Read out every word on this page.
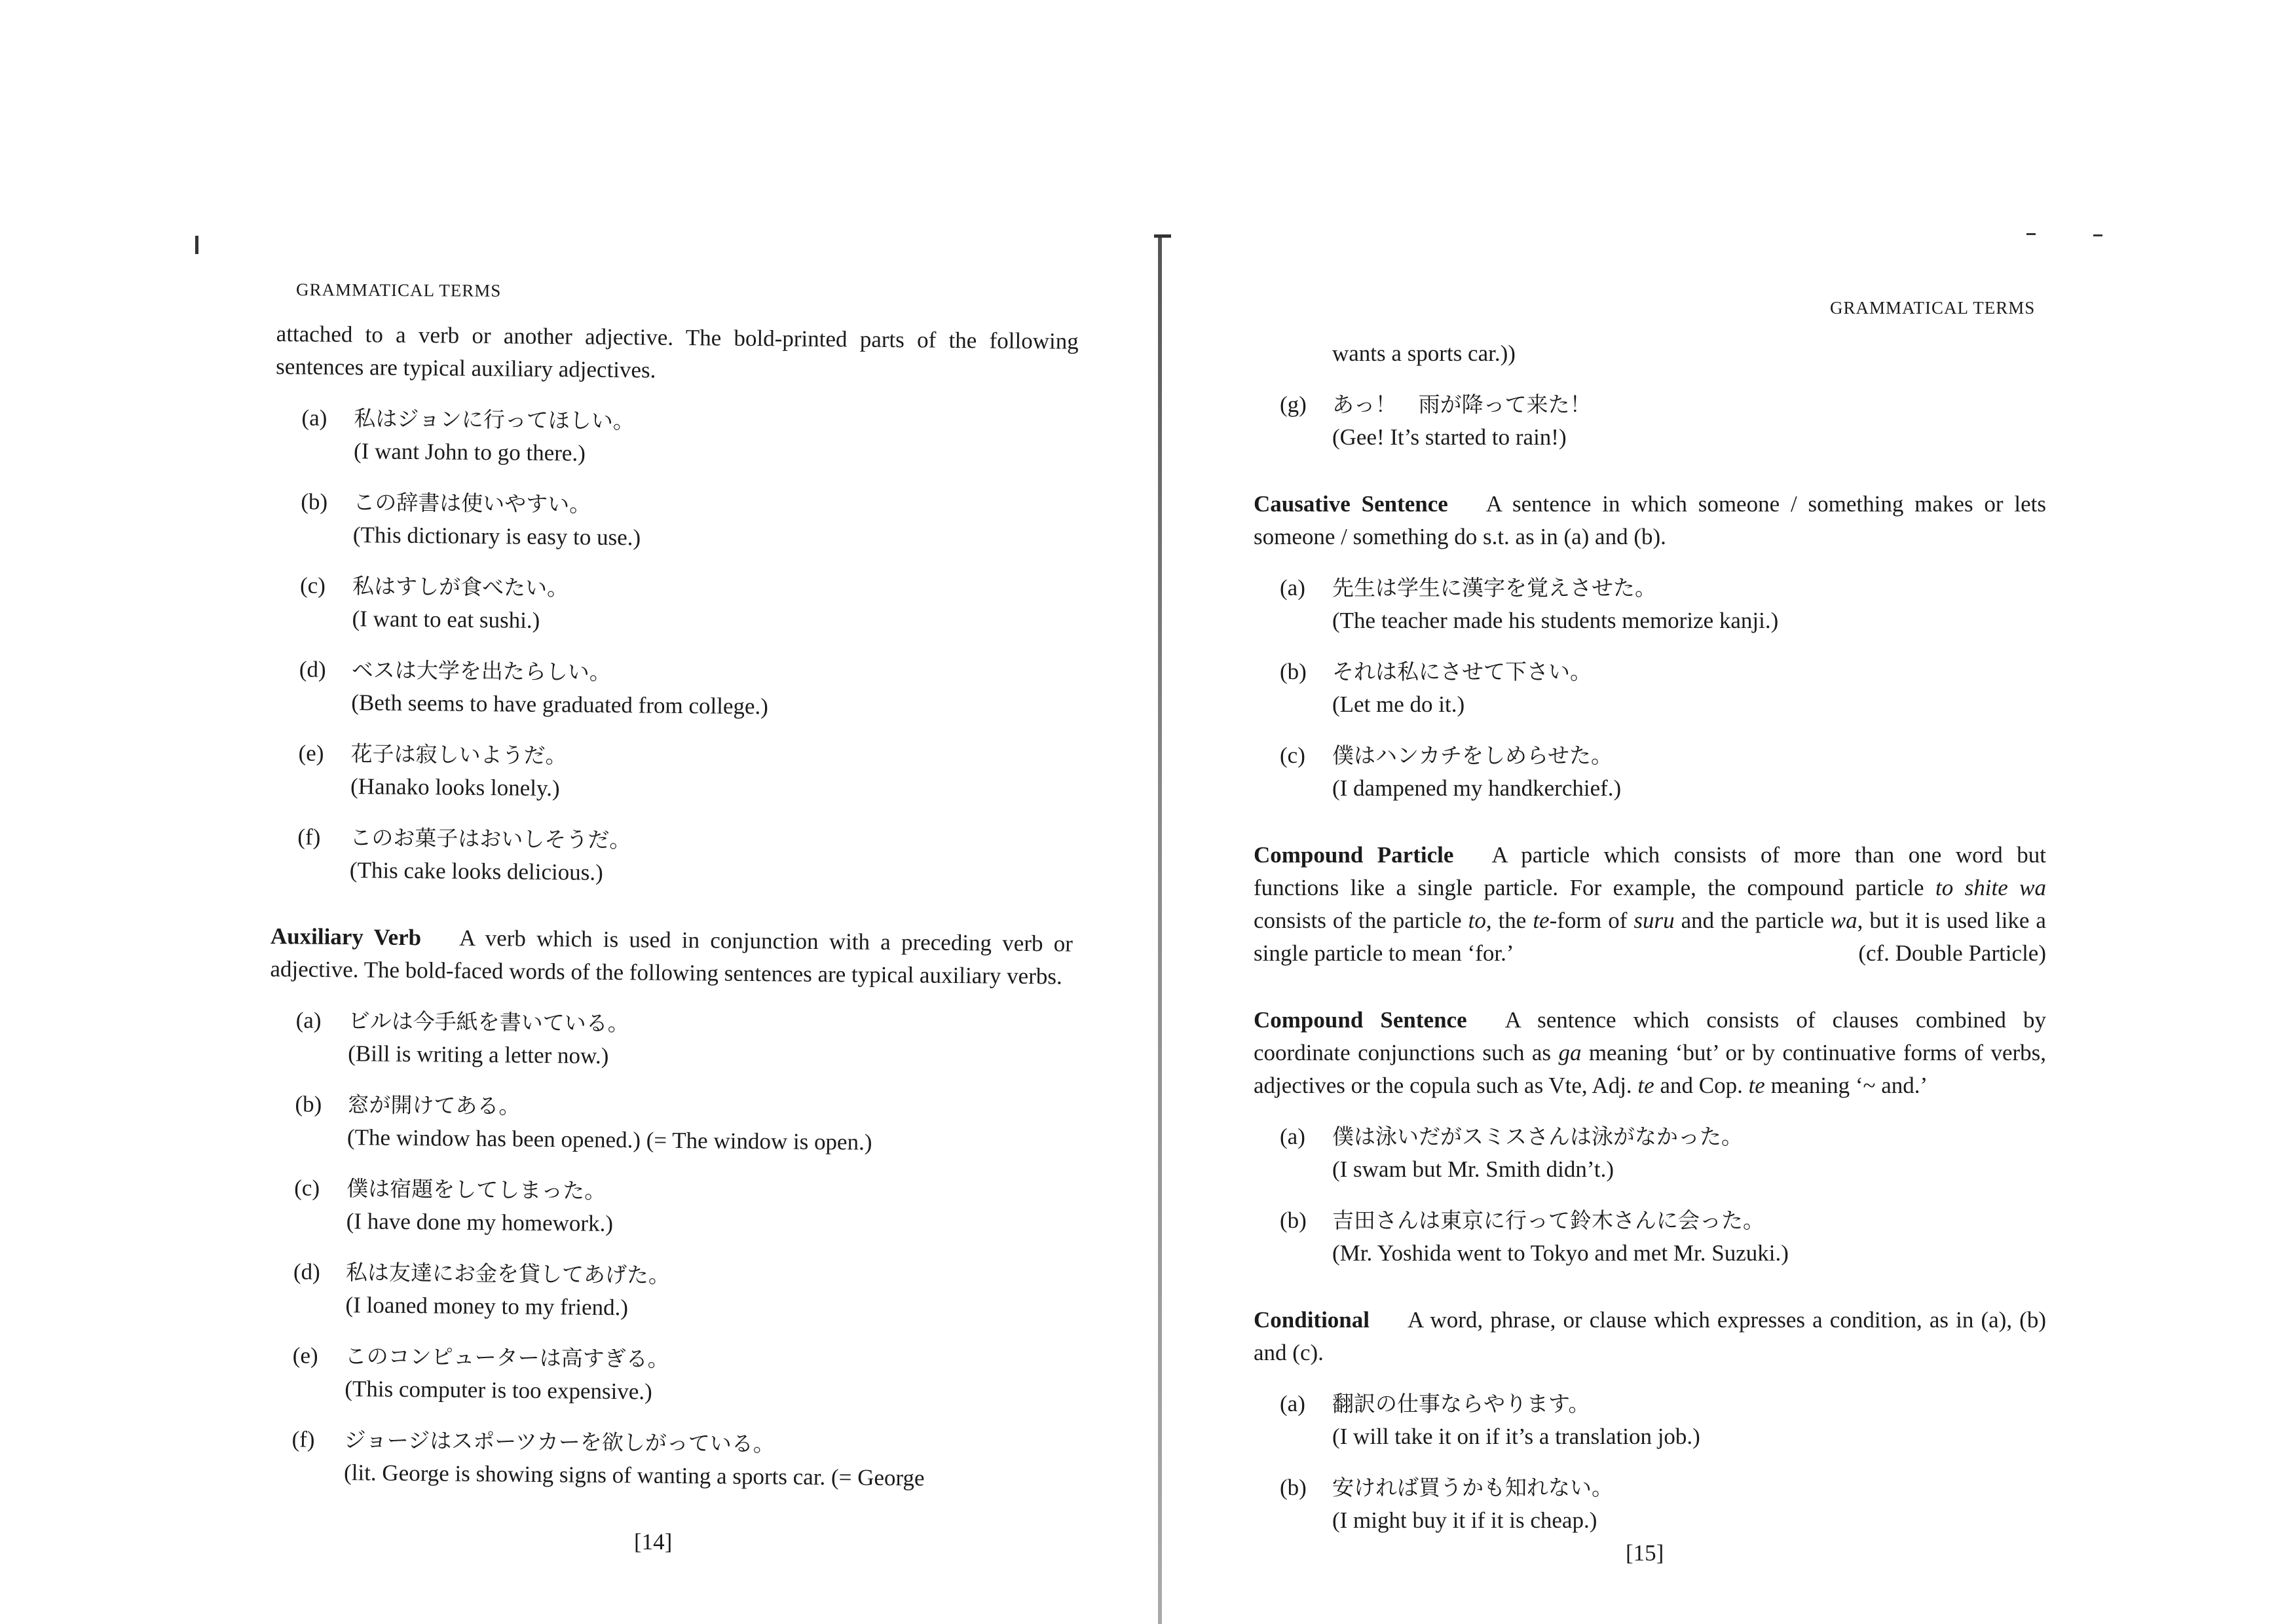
GRAMMATICAL TERMS

attached to a verb or another adjective. The bold-printed parts of the following sentences are typical auxiliary adjectives.

(a) 私はジョンに行ってほしい。
(I want John to go there.)
(b) この辞書は使いやすい。
(This dictionary is easy to use.)
(c) 私はすしが食べたい。
(I want to eat sushi.)
(d) ベスは大学を出たらしい。
(Beth seems to have graduated from college.)
(e) 花子は寂しいようだ。
(Hanako looks lonely.)
(f) このお菓子はおいしそうだ。
(This cake looks delicious.)

Auxiliary Verb A verb which is used in conjunction with a preceding verb or adjective. The bold-faced words of the following sentences are typical auxiliary verbs.

(a) ビルは今手紙を書いている。
(Bill is writing a letter now.)
(b) 窓が開けてある。
(The window has been opened.) (= The window is open.)
(c) 僕は宿題をしてしまった。
(I have done my homework.)
(d) 私は友達にお金を貸してあげた。
(I loaned money to my friend.)
(e) このコンピューターは高すぎる。
(This computer is too expensive.)
(f) ジョージはスポーツカーを欲しがっている。
(lit. George is showing signs of wanting a sports car. (= George
[14]
GRAMMATICAL TERMS
wants a sports car.))
(g) あっ！　雨が降って来た！
(Gee! It’s started to rain!)

Causative Sentence A sentence in which someone / something makes or lets someone / something do s.t. as in (a) and (b).

(a) 先生は学生に漢字を覚えさせた。
(The teacher made his students memorize kanji.)
(b) それは私にさせて下さい。
(Let me do it.)
(c) 僕はハンカチをしめらせた。
(I dampened my handkerchief.)

Compound Particle A particle which consists of more than one word but functions like a single particle. For example, the compound particle to shite wa consists of the particle to, the te-form of suru and the particle wa, but it is used like a single particle to mean ‘for.’	(cf. Double Particle)

Compound Sentence A sentence which consists of clauses combined by coordinate conjunctions such as ga meaning ‘but’ or by continuative forms of verbs, adjectives or the copula such as Vte, Adj. te and Cop. te meaning ‘~ and.’

(a) 僕は泳いだがスミスさんは泳がなかった。
(I swam but Mr. Smith didn’t.)
(b) 吉田さんは東京に行って鈴木さんに会った。
(Mr. Yoshida went to Tokyo and met Mr. Suzuki.)

Conditional A word, phrase, or clause which expresses a condition, as in (a), (b) and (c).

(a) 翻訳の仕事ならやります。
(I will take it on if it’s a translation job.)
(b) 安ければ買うかも知れない。
(I might buy it if it is cheap.)
[15]
